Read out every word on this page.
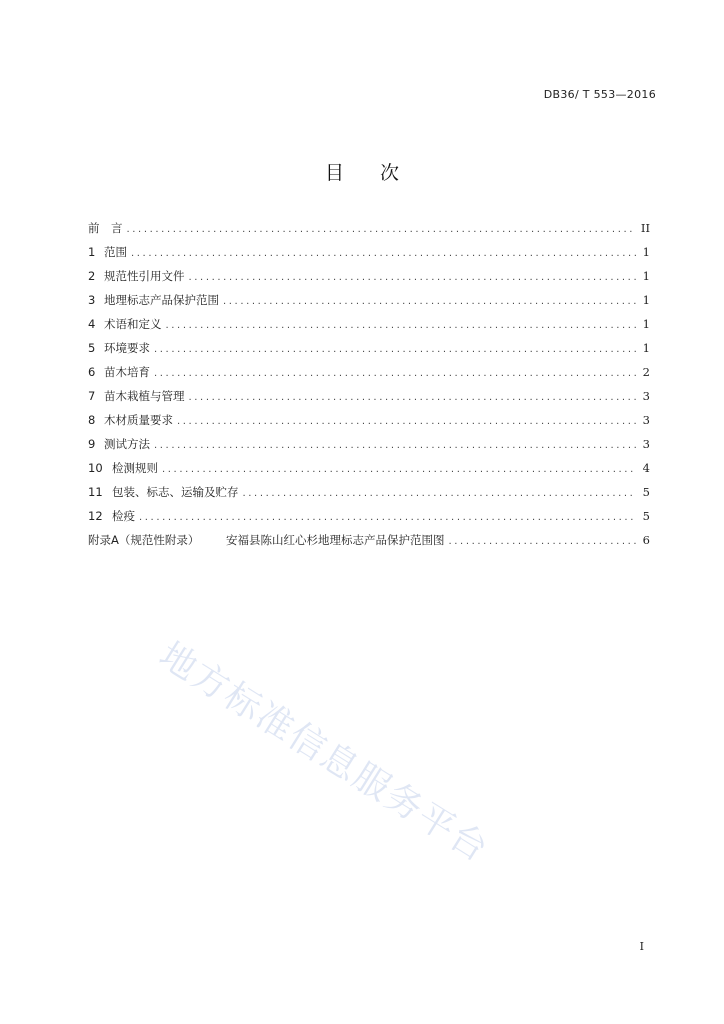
DB36/ T 553—2016
目 次
前　言 .....	II
1 范围 .....	1
2 规范性引用文件 .....	1
3 地理标志产品保护范围 .....	1
4 术语和定义 .....	1
5 环境要求 .....	1
6 苗木培育 .....	2
7 苗木栽植与管理 .....	3
8 木材质量要求 .....	3
9 测试方法 .....	3
10 检测规则 .....	4
11 包装、标志、运输及贮存 .....	5
12 检疫 .....	5
附录A（规范性附录）	安福县陈山红心杉地理标志产品保护范围图 .....	6
地方标准信息服务平台
I
